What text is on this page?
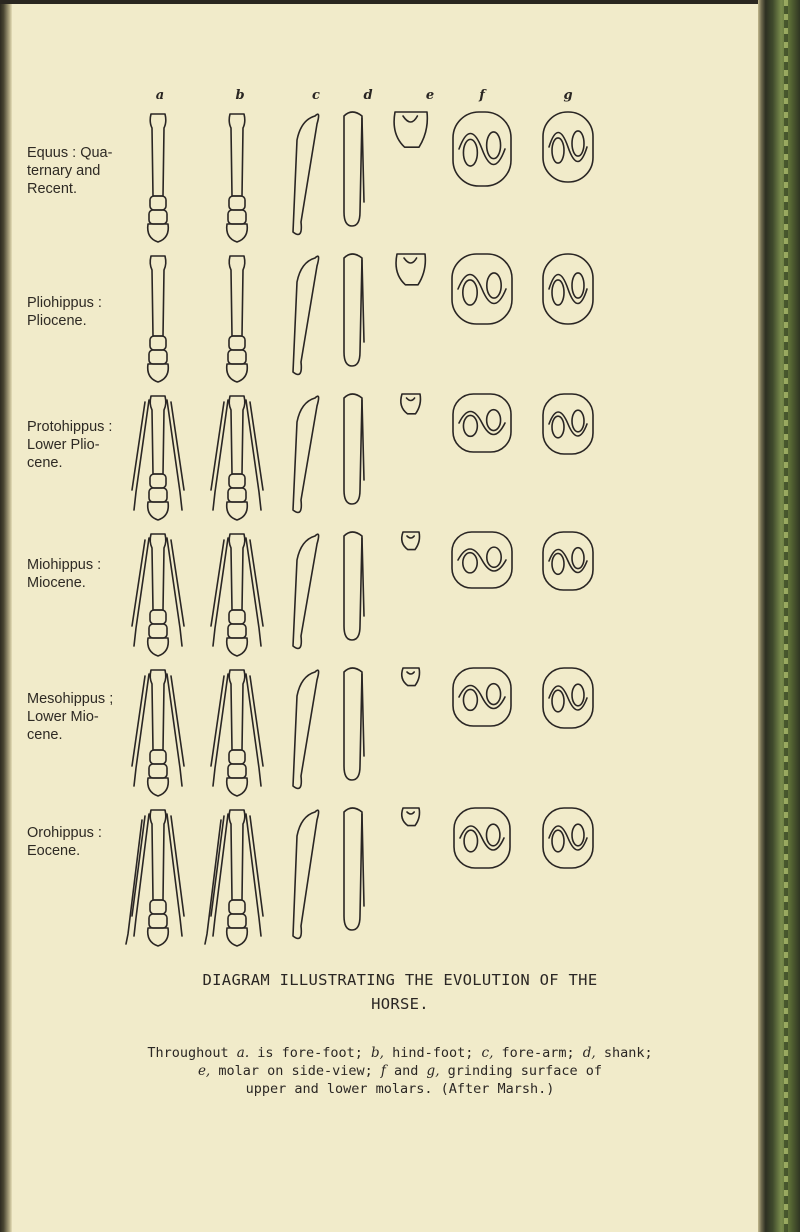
a	b	c	d	e	f	g
Equus : Qua-
ternary and
Recent.
Pliohippus :
Pliocene.
Protohippus :
Lower Plio-
cene.
Miohippus :
Miocene.
Mesohippus ;
Lower Mio-
cene.
Orohippus :
Eocene.
DIAGRAM ILLUSTRATING THE EVOLUTION OF THE
HORSE.
Throughout a. is fore-foot; b, hind-foot; c, fore-arm; d, shank;
e, molar on side-view; f and g, grinding surface of
upper and lower molars. (After Marsh.)
